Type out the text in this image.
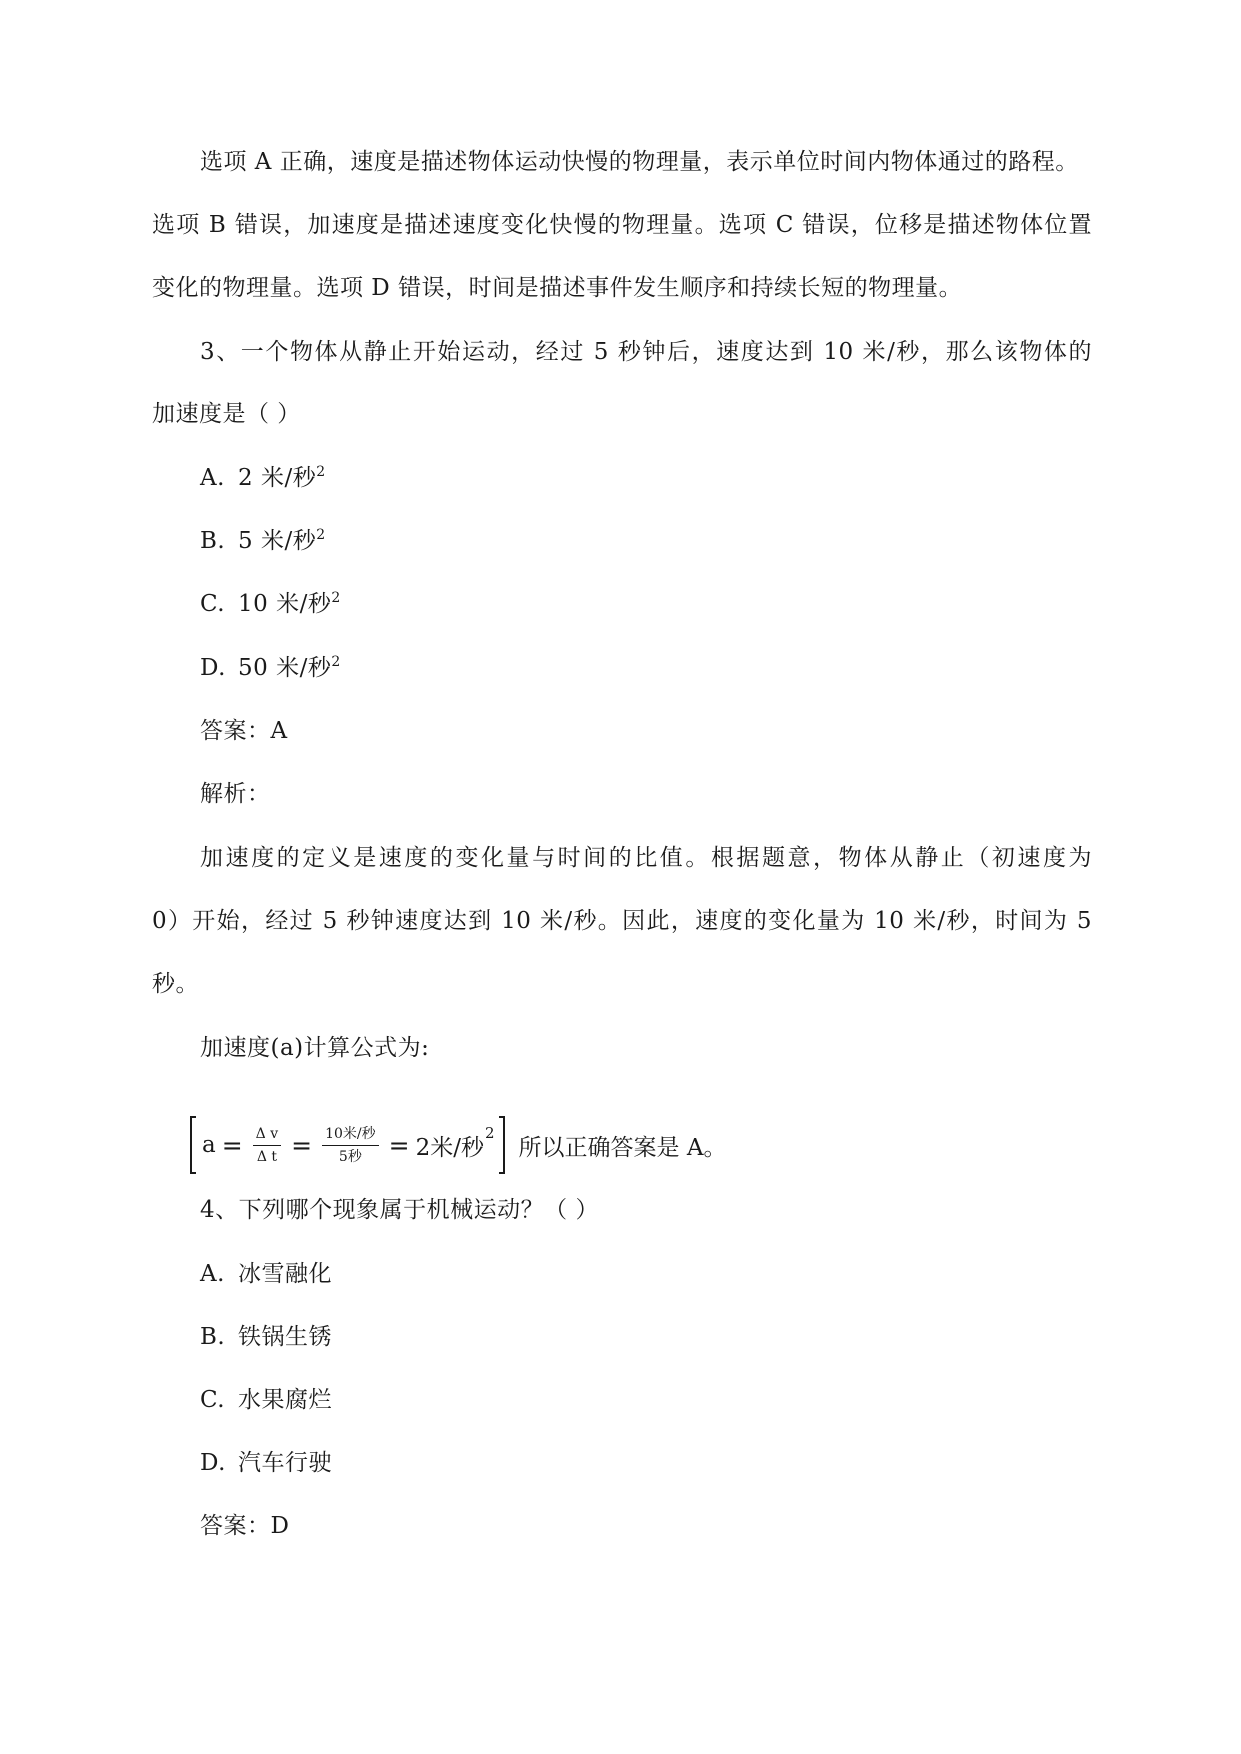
选项 A 正确，速度是描述物体运动快慢的物理量，表示单位时间内物体通过的路程。
选项 B 错误，加速度是描述速度变化快慢的物理量。选项 C 错误，位移是描述物体位置
变化的物理量。选项 D 错误，时间是描述事件发生顺序和持续长短的物理量。
3、一个物体从静止开始运动，经过 5 秒钟后，速度达到 10 米/秒，那么该物体的
加速度是（ ）
A. 2 米/秒$^2$
B. 5 米/秒$^2$
C. 10 米/秒$^2$
D. 50 米/秒$^2$
答案：A
解析：
加速度的定义是速度的变化量与时间的比值。根据题意，物体从静止（初速度为
0）开始，经过 5 秒钟速度达到 10 米/秒。因此，速度的变化量为 10 米/秒，时间为 5
秒。
加速度(a)计算公式为:
$a = \frac{\text{Δ v}}{\text{Δ t}} = \frac{\text{10米/秒}}{\text{5秒}} = 2$米/秒
2
所以正确答案是 A。
4、下列哪个现象属于机械运动？（ ）
A. 冰雪融化
B. 铁锅生锈
C. 水果腐烂
D. 汽车行驶
答案：D
